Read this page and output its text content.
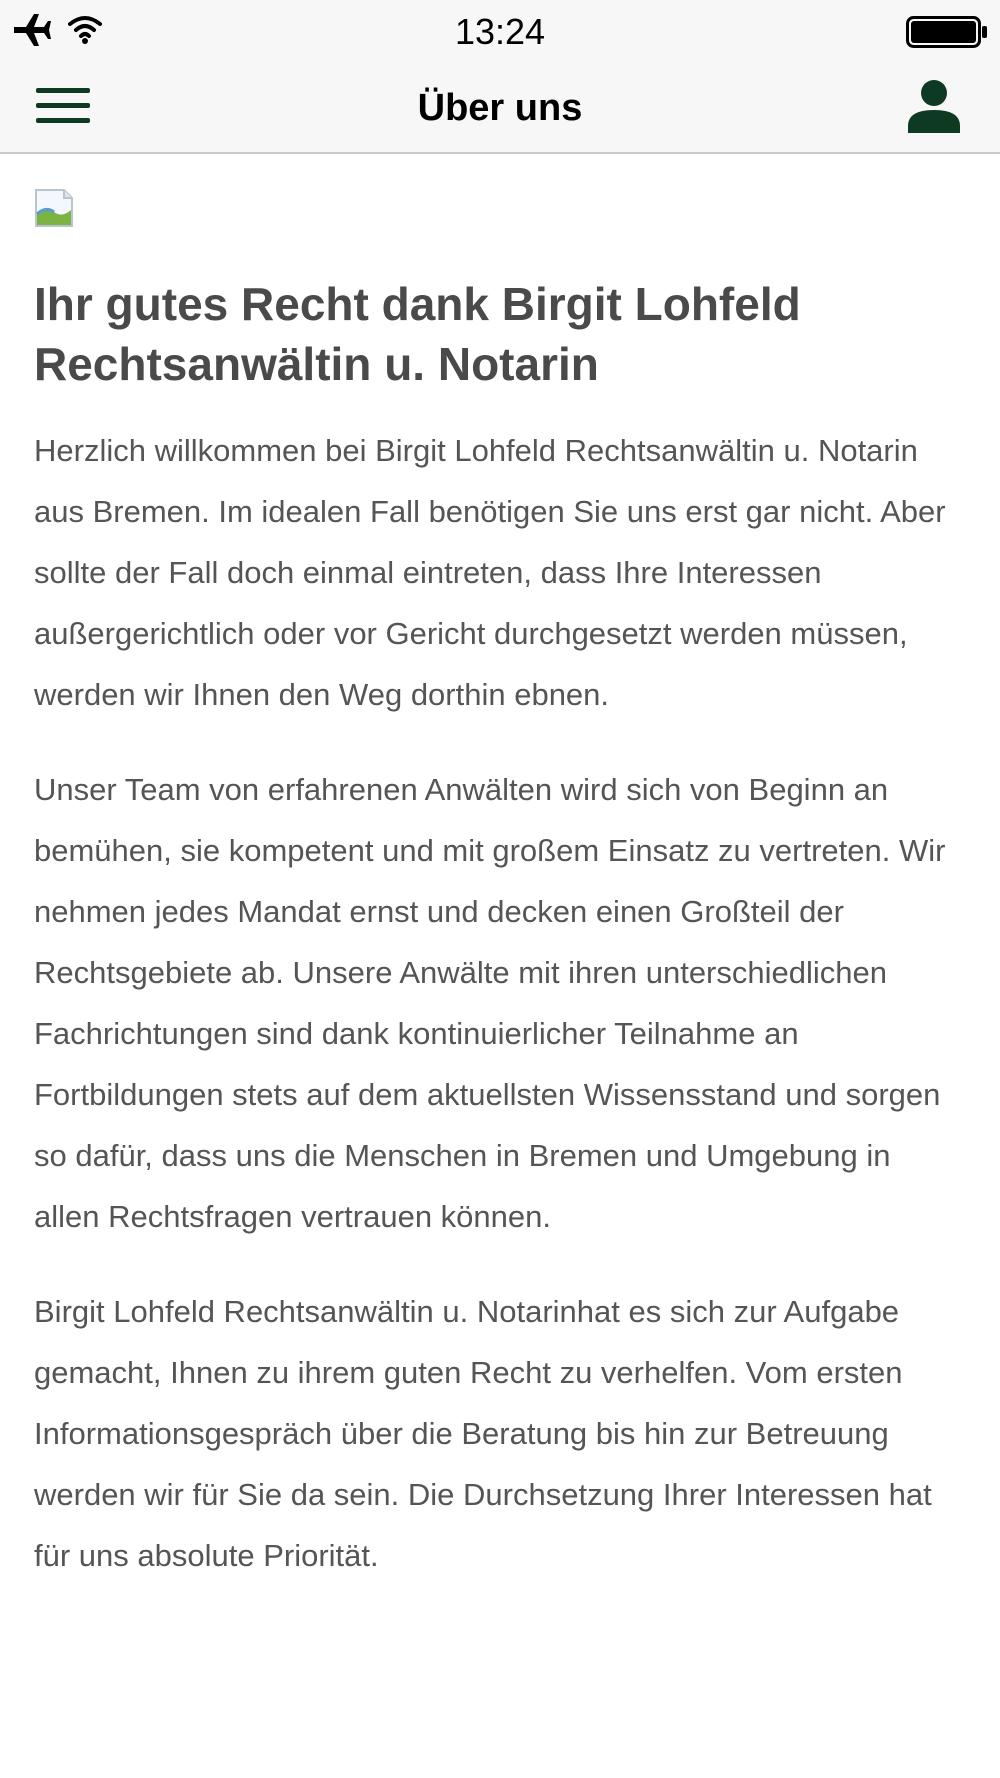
13:24
Über uns
Ihr gutes Recht dank Birgit Lohfeld Rechtsanwältin u. Notarin

Herzlich willkommen bei Birgit Lohfeld Rechtsanwältin u. Notarin aus Bremen. Im idealen Fall benötigen Sie uns erst gar nicht. Aber sollte der Fall doch einmal eintreten, dass Ihre Interessen außergerichtlich oder vor Gericht durchgesetzt werden müssen, werden wir Ihnen den Weg dorthin ebnen.

Unser Team von erfahrenen Anwälten wird sich von Beginn an bemühen, sie kompetent und mit großem Einsatz zu vertreten. Wir nehmen jedes Mandat ernst und decken einen Großteil der Rechtsgebiete ab. Unsere Anwälte mit ihren unterschiedlichen Fachrichtungen sind dank kontinuierlicher Teilnahme an Fortbildungen stets auf dem aktuellsten Wissensstand und sorgen so dafür, dass uns die Menschen in Bremen und Umgebung in allen Rechtsfragen vertrauen können.

Birgit Lohfeld Rechtsanwältin u. Notarinhat es sich zur Aufgabe gemacht, Ihnen zu ihrem guten Recht zu verhelfen. Vom ersten Informationsgespräch über die Beratung bis hin zur Betreuung werden wir für Sie da sein. Die Durchsetzung Ihrer Interessen hat für uns absolute Priorität.
